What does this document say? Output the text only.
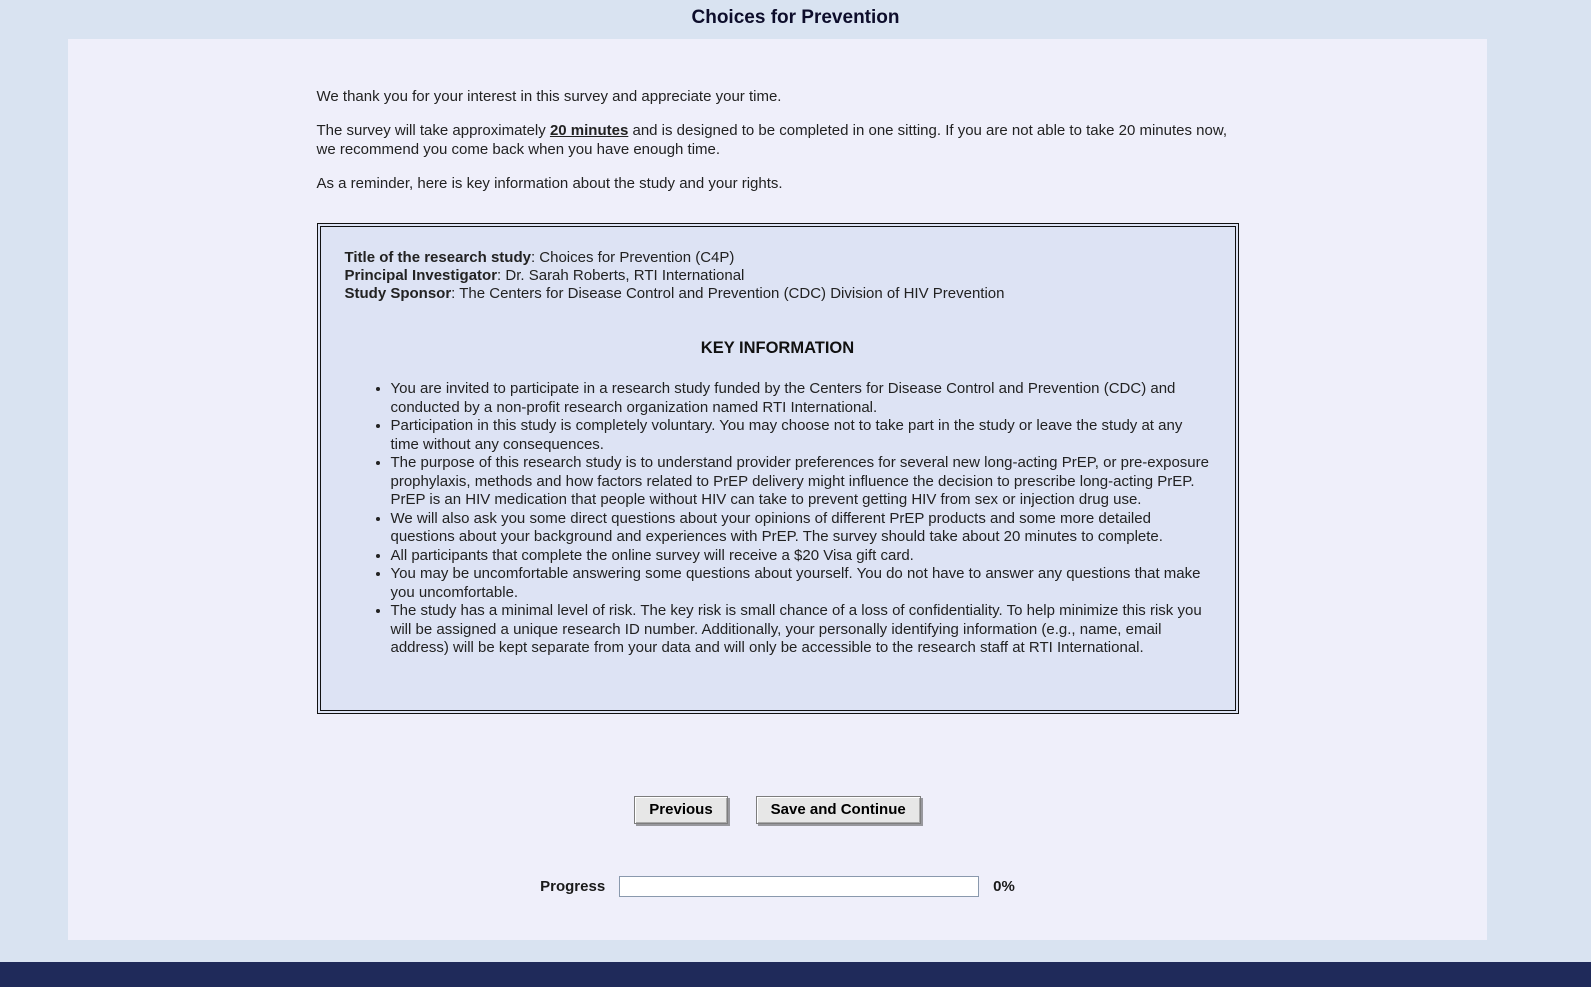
Choices for Prevention

We thank you for your interest in this survey and appreciate your time.

The survey will take approximately 20 minutes and is designed to be completed in one sitting. If you are not able to take 20 minutes now, we recommend you come back when you have enough time.

As a reminder, here is key information about the study and your rights.

Title of the research study: Choices for Prevention (C4P)
Principal Investigator: Dr. Sarah Roberts, RTI International
Study Sponsor: The Centers for Disease Control and Prevention (CDC) Division of HIV Prevention
KEY INFORMATION
• You are invited to participate in a research study funded by the Centers for Disease Control and Prevention (CDC) and conducted by a non-profit research organization named RTI International.
• Participation in this study is completely voluntary. You may choose not to take part in the study or leave the study at any time without any consequences.
• The purpose of this research study is to understand provider preferences for several new long-acting PrEP, or pre-exposure prophylaxis, methods and how factors related to PrEP delivery might influence the decision to prescribe long-acting PrEP. PrEP is an HIV medication that people without HIV can take to prevent getting HIV from sex or injection drug use.
• We will also ask you some direct questions about your opinions of different PrEP products and some more detailed questions about your background and experiences with PrEP. The survey should take about 20 minutes to complete.
• All participants that complete the online survey will receive a $20 Visa gift card.
• You may be uncomfortable answering some questions about yourself. You do not have to answer any questions that make you uncomfortable.
• The study has a minimal level of risk. The key risk is small chance of a loss of confidentiality. To help minimize this risk you will be assigned a unique research ID number. Additionally, your personally identifying information (e.g., name, email address) will be kept separate from your data and will only be accessible to the research staff at RTI International.
Previous	Save and Continue
Progress	0%
